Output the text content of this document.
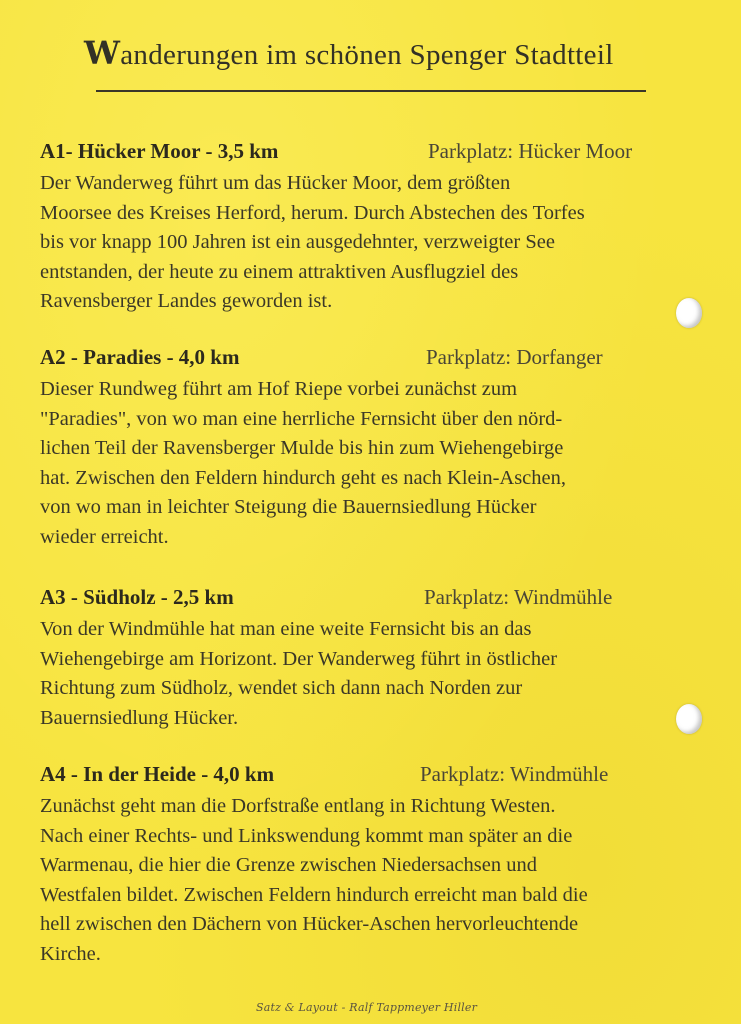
Wanderungen im schönen Spenger Stadtteil
A1- Hücker Moor - 3,5 km	Parkplatz: Hücker Moor
Der Wanderweg führt um das Hücker Moor, dem größten
Moorsee des Kreises Herford, herum. Durch Abstechen des Torfes
bis vor knapp 100 Jahren ist ein ausgedehnter, verzweigter See
entstanden, der heute zu einem attraktiven Ausflugziel des
Ravensberger Landes geworden ist.
A2 - Paradies - 4,0 km	Parkplatz: Dorfanger
Dieser Rundweg führt am Hof Riepe vorbei zunächst zum
"Paradies", von wo man eine herrliche Fernsicht über den nörd-
lichen Teil der Ravensberger Mulde bis hin zum Wiehengebirge
hat. Zwischen den Feldern hindurch geht es nach Klein-Aschen,
von wo man in leichter Steigung die Bauernsiedlung Hücker
wieder erreicht.
A3 - Südholz - 2,5 km	Parkplatz: Windmühle
Von der Windmühle hat man eine weite Fernsicht bis an das
Wiehengebirge am Horizont. Der Wanderweg führt in östlicher
Richtung zum Südholz, wendet sich dann nach Norden zur
Bauernsiedlung Hücker.
A4 - In der Heide - 4,0 km	Parkplatz: Windmühle
Zunächst geht man die Dorfstraße entlang in Richtung Westen.
Nach einer Rechts- und Linkswendung kommt man später an die
Warmenau, die hier die Grenze zwischen Niedersachsen und
Westfalen bildet. Zwischen Feldern hindurch erreicht man bald die
hell zwischen den Dächern von Hücker-Aschen hervorleuchtende
Kirche.
Satz & Layout - Ralf Tappmeyer Hiller
